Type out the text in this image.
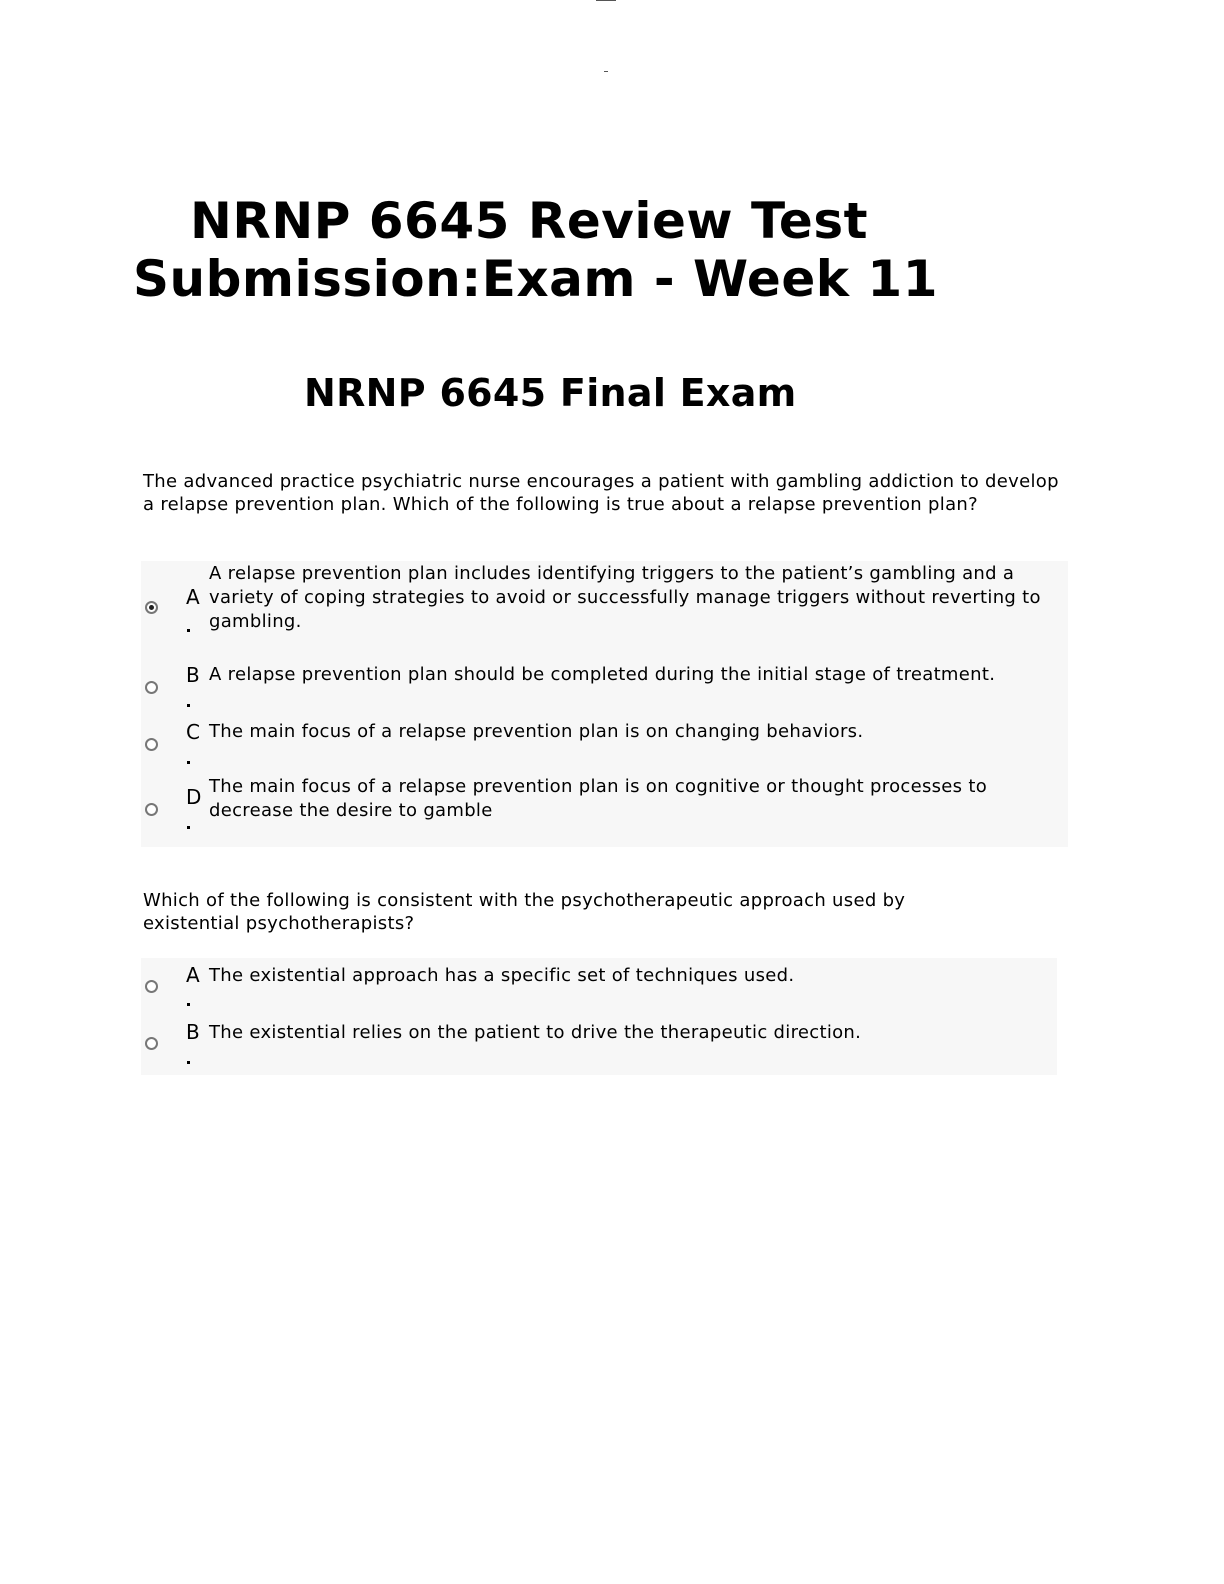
NRNP 6645 Review Test
Submission:Exam - Week 11
NRNP 6645 Final Exam

The advanced practice psychiatric nurse encourages a patient with gambling addiction to develop a relapse prevention plan. Which of the following is true about a relapse prevention plan?

A

A relapse prevention plan includes identifying triggers to the patient’s gambling and a variety of coping strategies to avoid or successfully manage triggers without reverting to gambling.

B A relapse prevention plan should be completed during the initial stage of treatment.

C The main focus of a relapse prevention plan is on changing behaviors.

D The main focus of a relapse prevention plan is on cognitive or thought processes to decrease the desire to gamble

Which of the following is consistent with the psychotherapeutic approach used by existential psychotherapists?

A The existential approach has a specific set of techniques used.

B The existential relies on the patient to drive the therapeutic direction.
